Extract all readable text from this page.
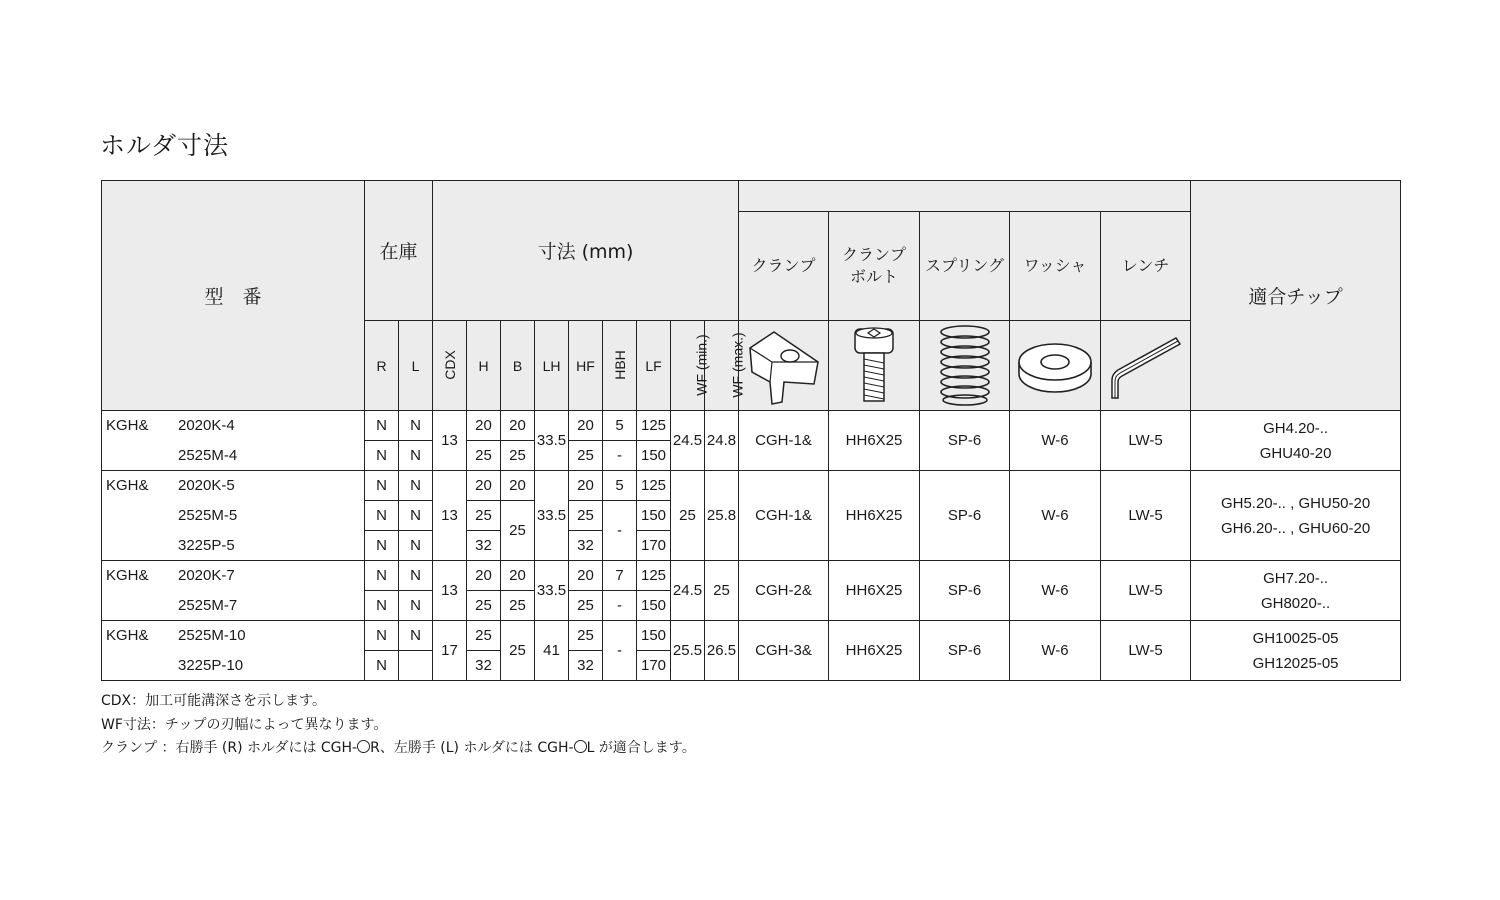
ホルダ寸法
型　番	在庫		寸法 (mm)														適合チップ
												クランプ	クランプ
ボルト	スプリング	ワッシャ	レンチ	
	R	L	CDX	H	B	LH	HF	HBH	LF	WF (min.)	WF (max.)	

KGH& 2020K-4	N	N	13	20	20	33.5	20	5	125	24.5	24.8	CGH-1&	HH6X25	SP-6	W-6	LW-5	GH4.20-..
GHU40-20

2525M-4	N	N		25	25		25	-	150								
KGH& 2020K-5	N	N	13	20	20	33.5	20	5	125	25	25.8	CGH-1&	HH6X25	SP-6	W-6	LW-5	GH5.20-.. , GHU50-20
GH6.20-.. , GHU60-20

2525M-5	N	N		25	25		25	-	150								
3225P-5	N	N		32			32		170								
KGH& 2020K-7	N	N	13	20	20	33.5	20	7	125	24.5	25	CGH-2&	HH6X25	SP-6	W-6	LW-5	GH7.20-..
GH8020-..

2525M-7	N	N		25	25		25	-	150								
KGH& 2525M-10	N	N	17	25	25	41	25	-	150	25.5	26.5	CGH-3&	HH6X25	SP-6	W-6	LW-5	GH10025-05
GH12025-05

3225P-10	N			32			32		170								
CDX：加工可能溝深さを示します。
WF寸法：チップの刃幅によって異なります。
クランプ ：右勝手 (R) ホルダには CGH- R、左勝手 (L) ホルダには CGH- L が適合します。
